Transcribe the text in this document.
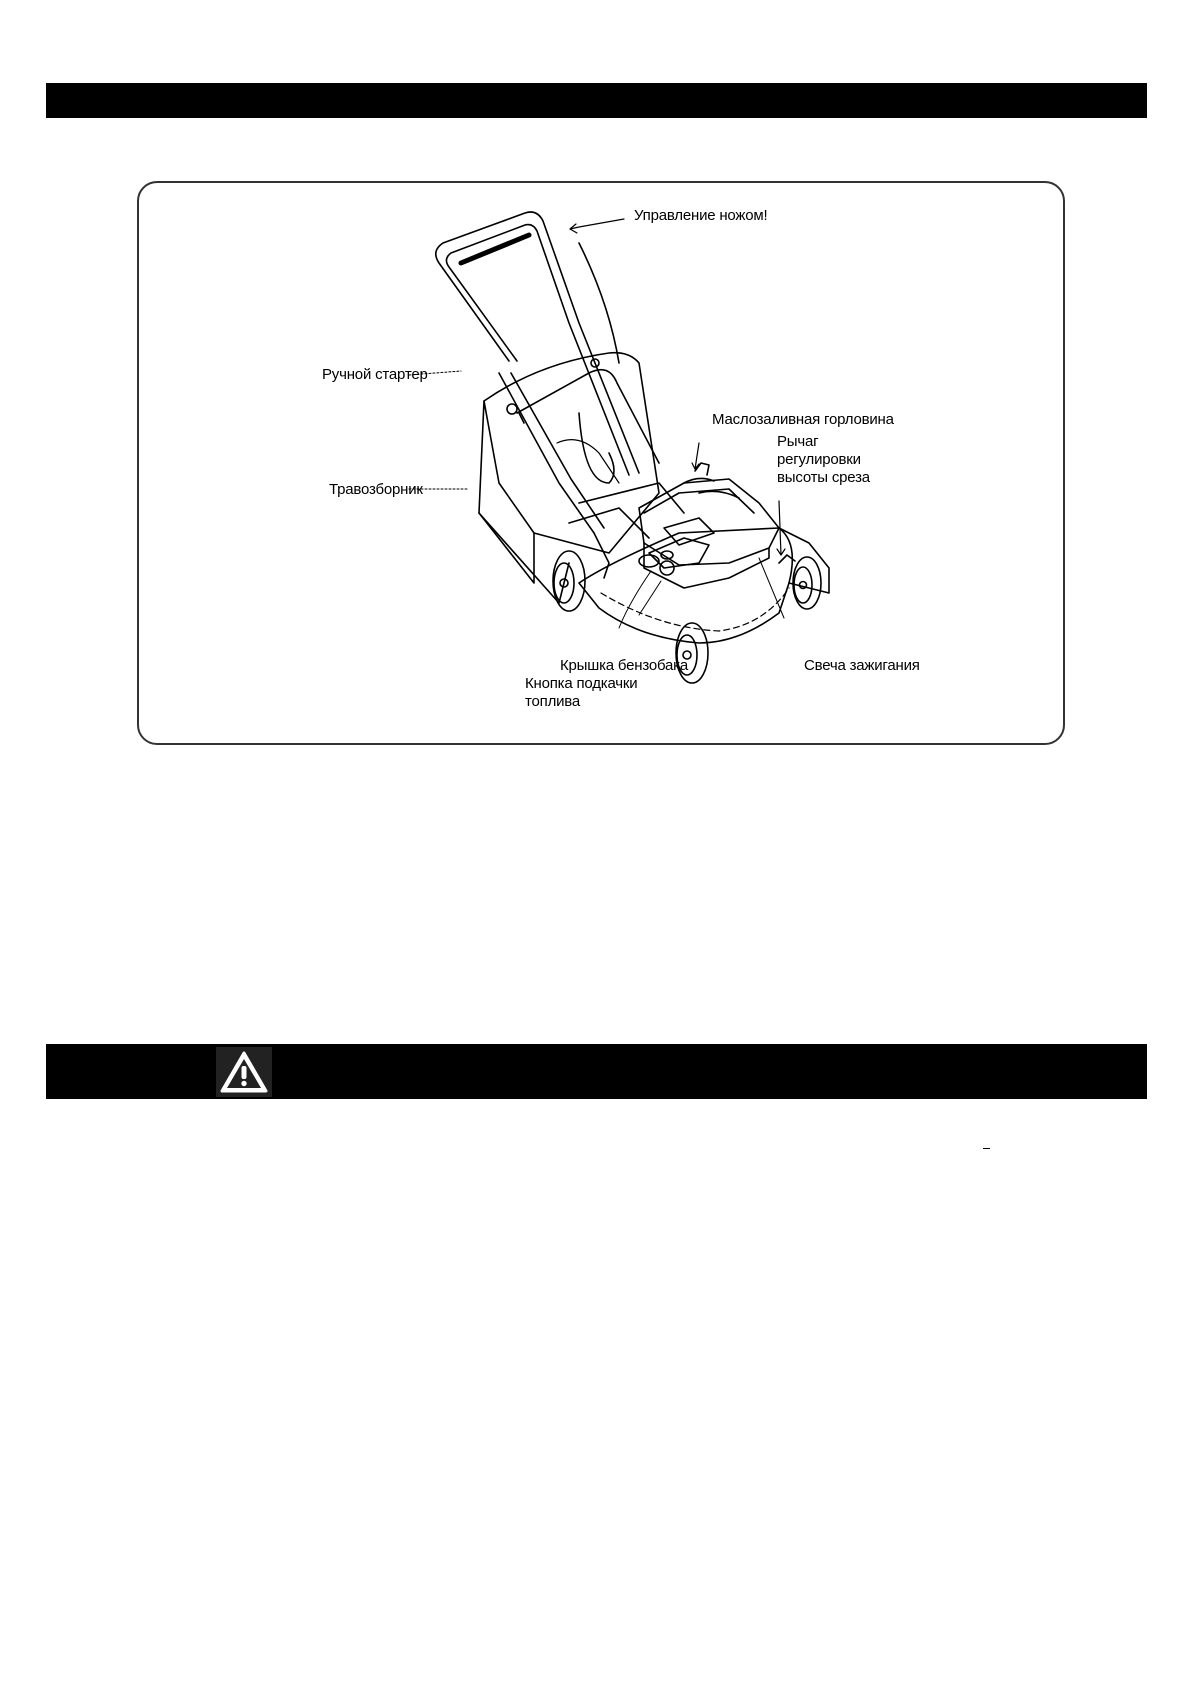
Управление ножом!
Ручной стартер
Маслозаливная горловина
Рычаг
регулировки
высоты среза
Травозборник
Крышка бензобака
Кнопка подкачки
топлива
Свеча зажигания
